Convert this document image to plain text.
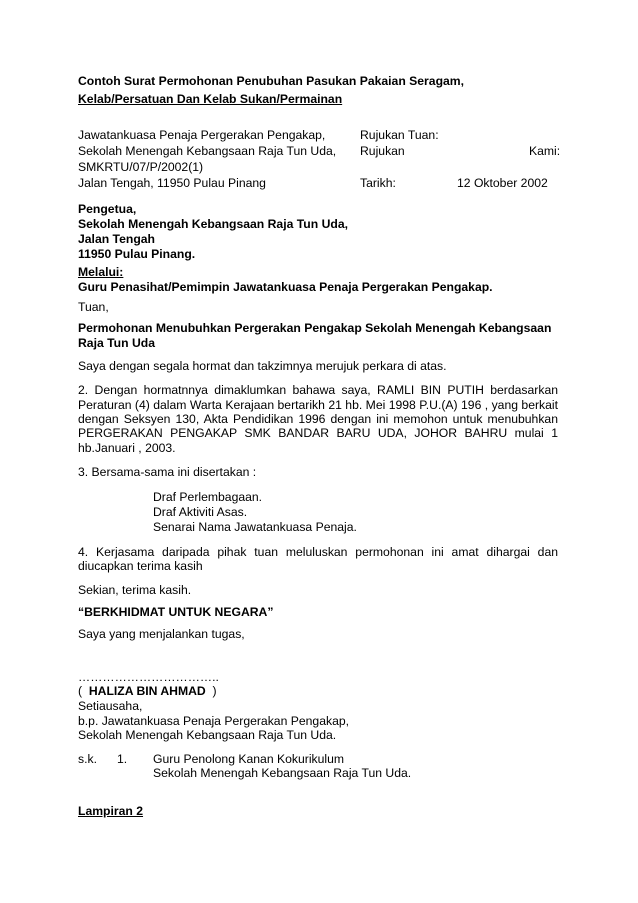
Contoh Surat Permohonan Penubuhan Pasukan Pakaian Seragam,
Kelab/Persatuan Dan Kelab Sukan/Permainan
Jawatankuasa Penaja Pergerakan Pengakap,
Sekolah Menengah Kebangsaan Raja Tun Uda,
SMKRTU/07/P/2002(1)
Jalan Tengah, 11950 Pulau Pinang
Rujukan Tuan:
Rujukan	Kami:
Tarikh:	12 Oktober 2002
Pengetua,
Sekolah Menengah Kebangsaan Raja Tun Uda,
Jalan Tengah
11950 Pulau Pinang.
Melalui:
Guru Penasihat/Pemimpin Jawatankuasa Penaja Pergerakan Pengakap.
Tuan,
Permohonan Menubuhkan Pergerakan Pengakap Sekolah Menengah Kebangsaan
Raja Tun Uda
Saya dengan segala hormat dan takzimnya merujuk perkara di atas.
2. Dengan hormatnnya dimaklumkan bahawa saya, RAMLI BIN PUTIH berdasarkan
Peraturan (4) dalam Warta Kerajaan bertarikh 21 hb. Mei 1998 P.U.(A) 196 , yang berkait
dengan Seksyen 130, Akta Pendidikan 1996 dengan ini memohon untuk menubuhkan
PERGERAKAN PENGAKAP SMK BANDAR BARU UDA, JOHOR BAHRU mulai 1
hb.Januari , 2003.
3. Bersama-sama ini disertakan :
Draf Perlembagaan.
Draf Aktiviti Asas.
Senarai Nama Jawatankuasa Penaja.
4. Kerjasama daripada pihak tuan meluluskan permohonan ini amat dihargai dan
diucapkan terima kasih
Sekian, terima kasih.
“BERKHIDMAT UNTUK NEGARA”
Saya yang menjalankan tugas,
……………………………..
( HALIZA BIN AHMAD )
Setiausaha,
b.p. Jawatankuasa Penaja Pergerakan Pengakap,
Sekolah Menengah Kebangsaan Raja Tun Uda.
s.k. 1. Guru Penolong Kanan Kokurikulum
Sekolah Menengah Kebangsaan Raja Tun Uda.
Lampiran 2
